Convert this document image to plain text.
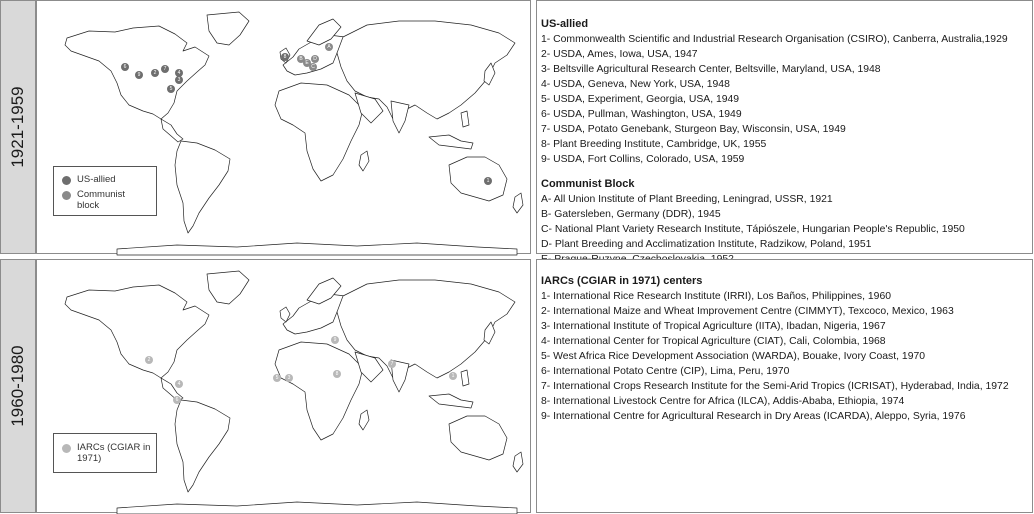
1921-1959
6
9	2
7
4
3
5
8
1
A
B
E
D
C
US-allied
Communist block
US-allied
1- Commonwealth Scientific and Industrial Research Organisation (CSIRO), Canberra, Australia,1929
2- USDA, Ames, Iowa, USA, 1947
3- Beltsville Agricultural Research Center, Beltsville, Maryland, USA, 1948
4- USDA, Geneva, New York, USA, 1948
5- USDA, Experiment, Georgia, USA, 1949
6- USDA, Pullman, Washington, USA, 1949
7- USDA, Potato Genebank, Sturgeon Bay, Wisconsin, USA, 1949
8- Plant Breeding Institute, Cambridge, UK, 1955
9- USDA, Fort Collins, Colorado, USA, 1959
Communist Block
A- All Union Institute of Plant Breeding, Leningrad, USSR, 1921
B- Gatersleben, Germany (DDR), 1945
C- National Plant Variety Research Institute, Tápiószele, Hungarian People's Republic, 1950
D- Plant Breeding and Acclimatization Institute, Radzikow, Poland, 1951
1960-1980	2
4
6
5 3
9
8
7
1
IARCs (CGIAR in 1971)
IARCs (CGIAR in 1971) centers
1- International Rice Research Institute (IRRI), Los Baños, Philippines, 1960
2- International Maize and Wheat Improvement Centre (CIMMYT), Texcoco, Mexico, 1963
3- International Institute of Tropical Agriculture (IITA), Ibadan, Nigeria, 1967
4- International Center for Tropical Agriculture (CIAT), Cali, Colombia, 1968
5- West Africa Rice Development Association (WARDA), Bouake, Ivory Coast, 1970
6- International Potato Centre (CIP), Lima, Peru, 1970
7- International Crops Research Institute for the Semi-Arid Tropics (ICRISAT), Hyderabad, India, 1972
8- International Livestock Centre for Africa (ILCA), Addis-Ababa, Ethiopia, 1974
9- International Centre for Agricultural Research in Dry Areas (ICARDA), Aleppo, Syria, 1976
